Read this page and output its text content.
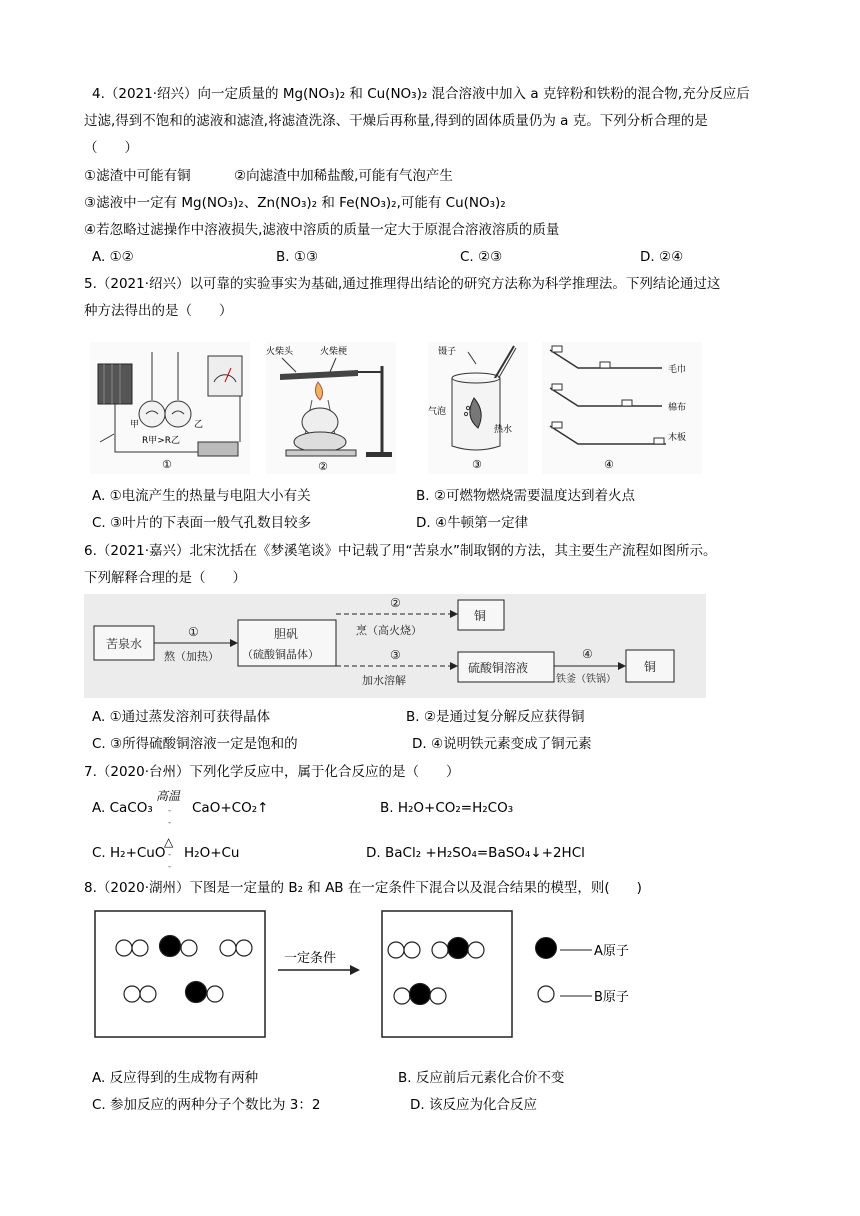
4.（2021·绍兴）向一定质量的 Mg(NO₃)₂ 和 Cu(NO₃)₂ 混合溶液中加入 a 克锌粉和铁粉的混合物,充分反应后
过滤,得到不饱和的滤液和滤渣,将滤渣洗涤、干燥后再称量,得到的固体质量仍为 a 克。下列分析合理的是
（　　）
①滤渣中可能有铜	②向滤渣中加稀盐酸,可能有气泡产生
③滤液中一定有 Mg(NO₃)₂、Zn(NO₃)₂ 和 Fe(NO₃)₂,可能有 Cu(NO₃)₂
④若忽略过滤操作中溶液损失,滤液中溶质的质量一定大于原混合溶液溶质的质量
A. ①②	B. ①③	C. ②③	D. ②④
5.（2021·绍兴）以可靠的实验事实为基础,通过推理得出结论的研究方法称为科学推理法。下列结论通过这
种方法得出的是（　　）
甲	乙
R甲>R乙
①
火柴头	火柴梗
②
镊子
气泡
热水
③
毛巾
棉布
木板
④
A. ①电流产生的热量与电阻大小有关	B. ②可燃物燃烧需要温度达到着火点
C. ③叶片的下表面一般气孔数目较多	D. ④牛顿第一定律
6.（2021·嘉兴）北宋沈括在《梦溪笔谈》中记载了用“苦泉水”制取钢的方法，其主要生产流程如图所示。
下列解释合理的是（　　）
苦泉水
①
熬（加热）
胆矾
（硫酸铜晶体）
②
烹（高火烧）
铜
③
加水溶解
硫酸铜溶液
④
铁釜（铁锅）
铜
A. ①通过蒸发溶剂可获得晶体	B. ②是通过复分解反应获得铜
C. ③所得硫酸铜溶液一定是饱和的	D. ④说明铁元素变成了铜元素
7.（2020·台州）下列化学反应中，属于化合反应的是（　　）
A. CaCO₃
高温
-
-
CaO+CO₂↑	B. H₂O+CO₂=H₂CO₃
△
C. H₂+CuO -
-
H₂O+Cu	D. BaCl₂ +H₂SO₄=BaSO₄↓+2HCl
8.（2020·湖州）下图是一定量的 B₂ 和 AB 在一定条件下混合以及混合结果的模型，则(　　)
一定条件	A原子
B原子
A. 反应得到的生成物有两种	B. 反应前后元素化合价不变
C. 参加反应的两种分子个数比为 3：2	D. 该反应为化合反应
